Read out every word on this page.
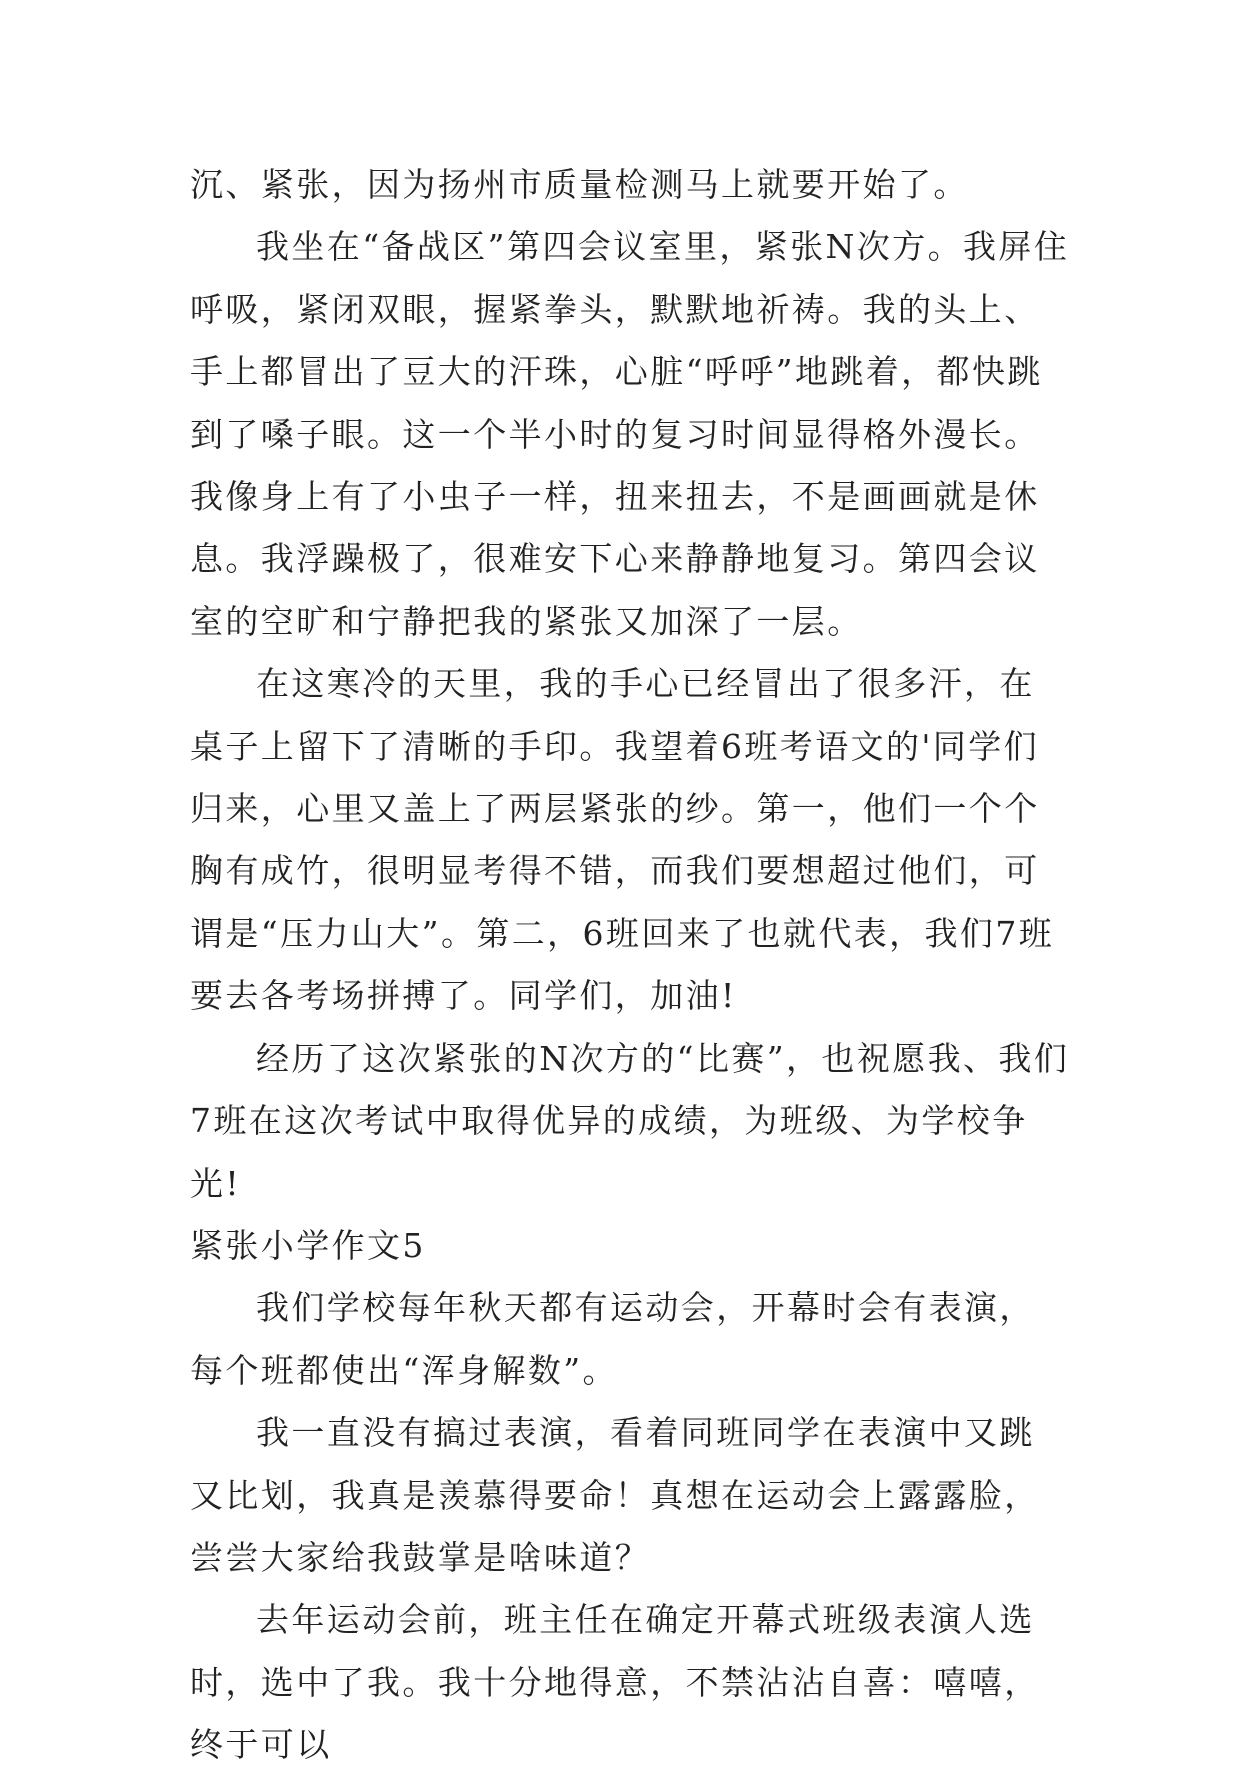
沉、紧张，因为扬州市质量检测马上就要开始了。

我坐在“备战区”第四会议室里，紧张N次方。我屏住呼吸，紧闭双眼，握紧拳头，默默地祈祷。我的头上、手上都冒出了豆大的汗珠，心脏“呼呼”地跳着，都快跳到了嗓子眼。这一个半小时的复习时间显得格外漫长。我像身上有了小虫子一样，扭来扭去，不是画画就是休息。我浮躁极了，很难安下心来静静地复习。第四会议室的空旷和宁静把我的紧张又加深了一层。

在这寒冷的天里，我的手心已经冒出了很多汗，在桌子上留下了清晰的手印。我望着6班考语文的'同学们归来，心里又盖上了两层紧张的纱。第一，他们一个个胸有成竹，很明显考得不错，而我们要想超过他们，可谓是“压力山大”。第二，6班回来了也就代表，我们7班要去各考场拼搏了。同学们，加油!

经历了这次紧张的N次方的“比赛”，也祝愿我、我们7班在这次考试中取得优异的成绩，为班级、为学校争光!

紧张小学作文5

我们学校每年秋天都有运动会，开幕时会有表演，每个班都使出“浑身解数”。

我一直没有搞过表演，看着同班同学在表演中又跳又比划，我真是羡慕得要命！真想在运动会上露露脸，尝尝大家给我鼓掌是啥味道？

去年运动会前，班主任在确定开幕式班级表演人选时，选中了我。我十分地得意，不禁沾沾自喜：嘻嘻，终于可以
